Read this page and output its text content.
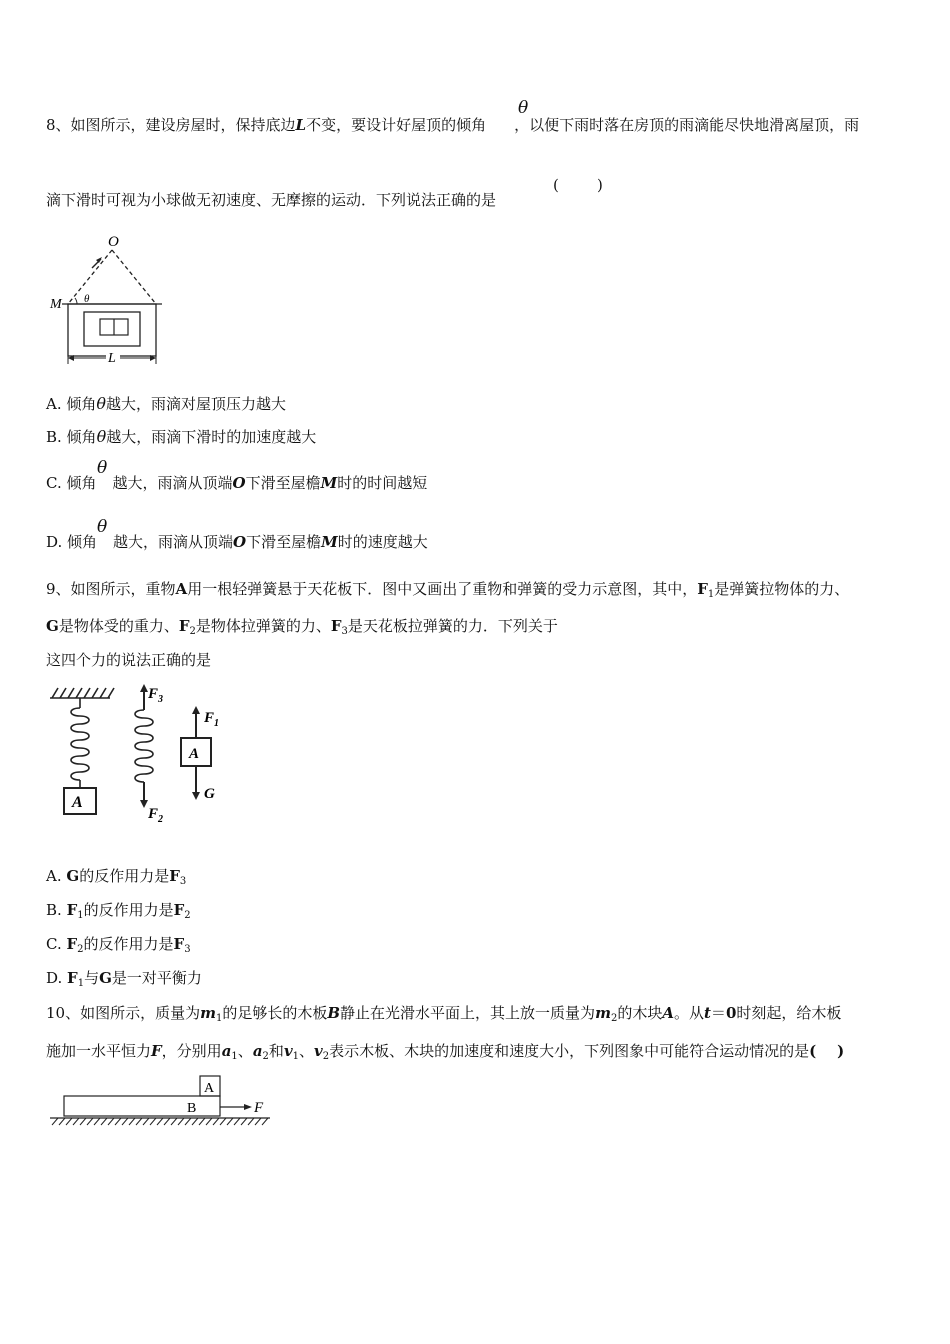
8、如图所示，建设房屋时，保持底边L不变，要设计好屋顶的倾角 ，以便下雨时落在房顶的雨滴能尽快地滑离屋顶，雨
θ
滴下滑时可视为小球做无初速度、无摩擦的运动．下列说法正确的是
(        )
O
M θ
L
A. 倾角θ越大，雨滴对屋顶压力越大
B. 倾角θ越大，雨滴下滑时的加速度越大
C. 倾角 越大，雨滴从顶端O下滑至屋檐M时的时间越短
θ
D. 倾角 越大，雨滴从顶端O下滑至屋檐M时的速度越大
θ
9、如图所示，重物A用一根轻弹簧悬于天花板下．图中又画出了重物和弹簧的受力示意图，其中，$F_1$是弹簧拉物体的力、
G是物体受的重力、$F_2$是物体拉弹簧的力、$F_3$是天花板拉弹簧的力．下列关于
这四个力的说法正确的是
A
$F_3$
$F_2$
$F_1$
A
G
A. G的反作用力是$F_3$
B. $F_1$的反作用力是$F_2$
C. $F_2$的反作用力是$F_3$
D. $F_1$与G是一对平衡力
10、如图所示，质量为$m_1$的足够长的木板B静止在光滑水平面上，其上放一质量为$m_2$的木块A。从t＝0时刻起，给木板
施加一水平恒力F，分别用$a_1$、$a_2$和$v_1$、$v_2$表示木板、木块的加速度和速度大小，下列图象中可能符合运动情况的是(    )
A
B	F
